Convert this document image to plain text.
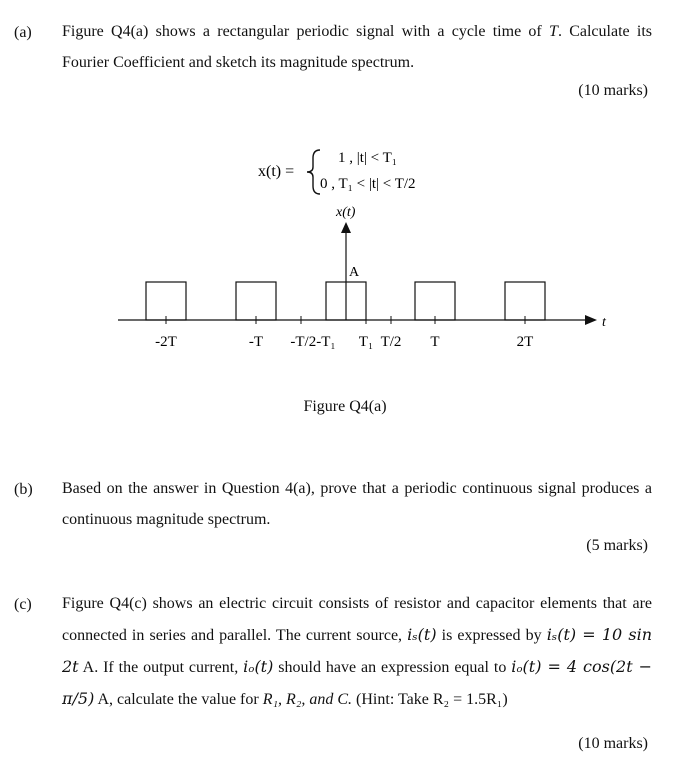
(a) Figure Q4(a) shows a rectangular periodic signal with a cycle time of T. Calculate its Fourier Coefficient and sketch its magnitude spectrum.
(10 marks)
x(t) =
1 , |t| < T₁
0 , T₁ < |t| < T/2
x(t)
t
A
-2T	-T -T/2-T₁ T₁ T/2 T	2T
Figure Q4(a)
(b) Based on the answer in Question 4(a), prove that a periodic continuous signal produces a continuous magnitude spectrum.
(5 marks)
(c) Figure Q4(c) shows an electric circuit consists of resistor and capacitor elements that are connected in series and parallel. The current source, iₛ(t) is expressed by iₛ(t) = 10 sin 2t A. If the output current, iₒ(t) should have an expression equal to iₒ(t) = 4 cos(2t − π/5) A, calculate the value for R₁, R₂, and C. (Hint: Take R₂ = 1.5R₁)
(10 marks)
